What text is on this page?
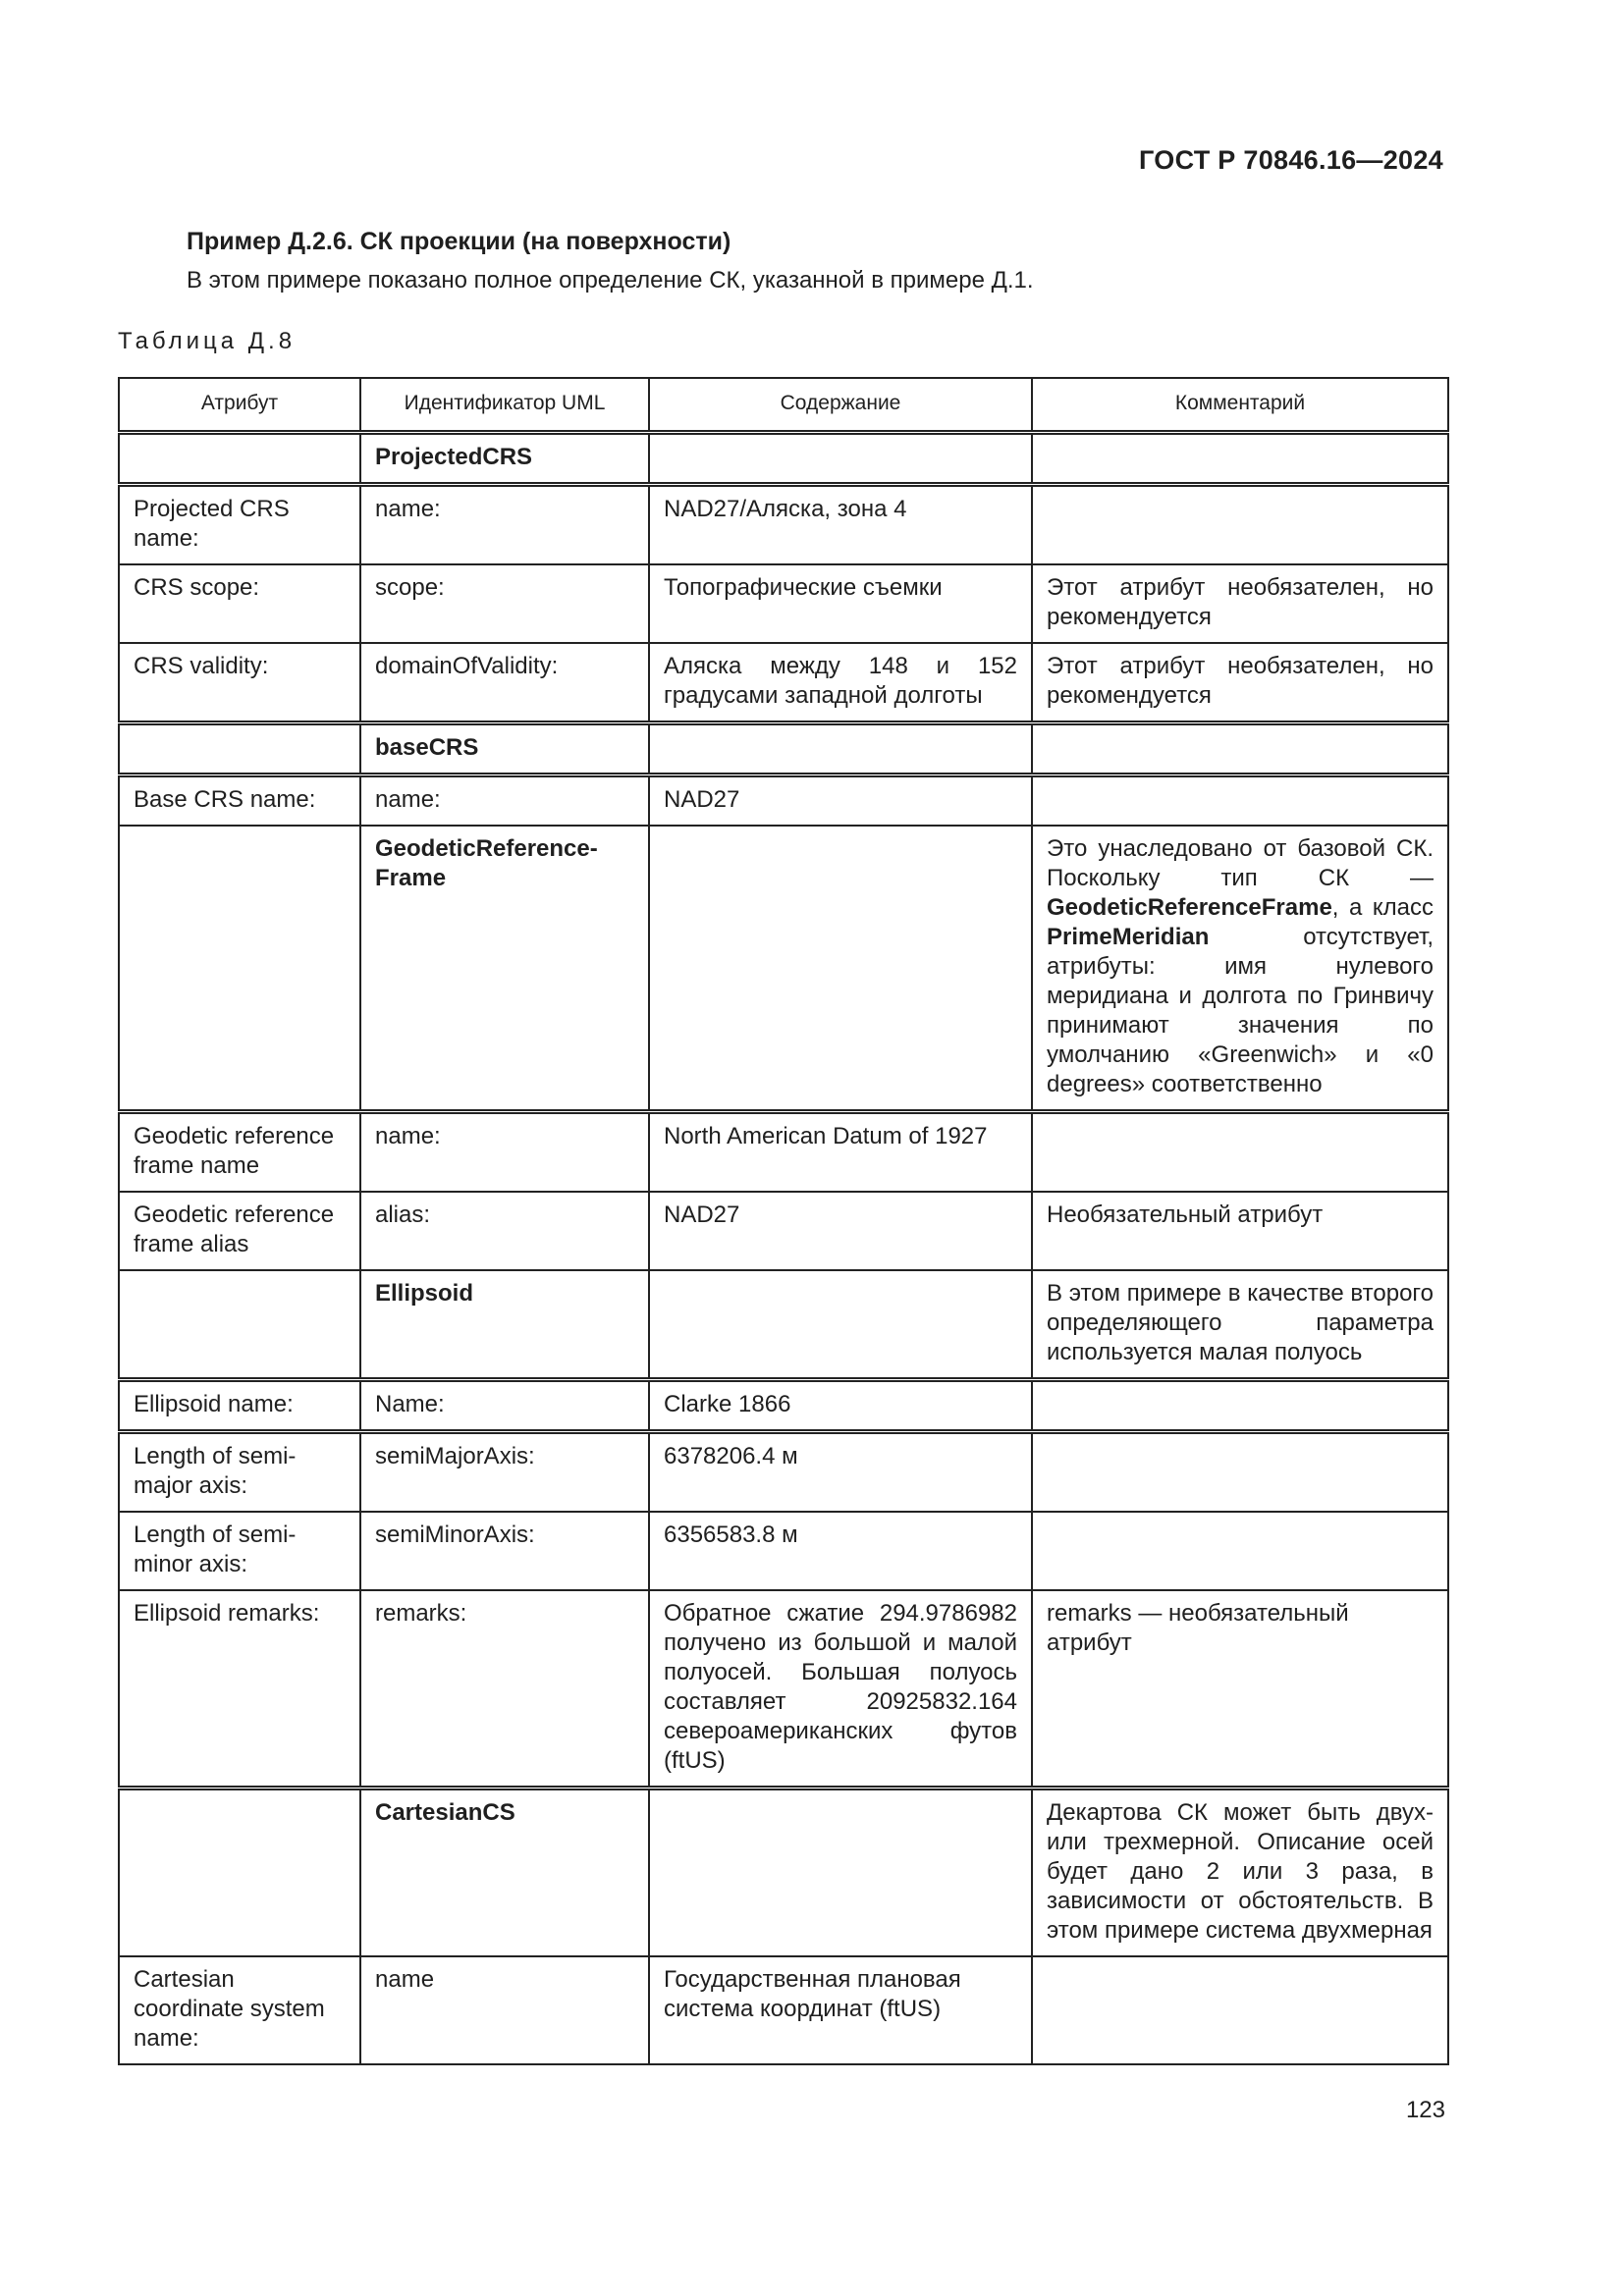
ГОСТ Р 70846.16—2024
Пример Д.2.6. СК проекции (на поверхности)
В этом примере показано полное определение СК, указанной в примере Д.1.
Таблица Д.8
Атрибут	Идентификатор UML	Содержание	Комментарий
	ProjectedCRS		
Projected CRS name:	name:	NAD27/Аляска, зона 4	
CRS scope:	scope:	Топографические съемки	Этот атрибут необязателен, но рекомендуется
CRS validity:	domainOfValidity:	Аляска между 148 и 152 градусами западной долготы	Этот атрибут необязателен, но рекомендуется
	baseCRS		
Base CRS name:	name:	NAD27	
	GeodeticReference-Frame		Это унаследовано от базовой СК. Поскольку тип СК — GeodeticReferenceFrame, а класс PrimeMeridian отсутствует, атрибуты: имя нулевого меридиана и долгота по Гринвичу принимают значения по умолчанию «Greenwich» и «0 degrees» соответственно
Geodetic reference frame name	name:	North American Datum of 1927	
Geodetic reference frame alias	alias:	NAD27	Необязательный атрибут
	Ellipsoid		В этом примере в качестве второго определяющего параметра используется малая полуось
Ellipsoid name:	Name:	Clarke 1866	
Length of semi-major axis:	semiMajorAxis:	6378206.4 м	
Length of semi-minor axis:	semiMinorAxis:	6356583.8 м	
Ellipsoid remarks:	remarks:	Обратное сжатие 294.9786982 получено из большой и малой полуосей. Большая полуось составляет 20925832.164 североамериканских футов (ftUS)	remarks — необязательный атрибут
	CartesianCS		Декартова СК может быть двух- или трехмерной. Описание осей будет дано 2 или 3 раза, в зависимости от обстоятельств. В этом примере система двухмерная
Cartesian coordinate system name:	name	Государственная плановая система координат (ftUS)	
123
